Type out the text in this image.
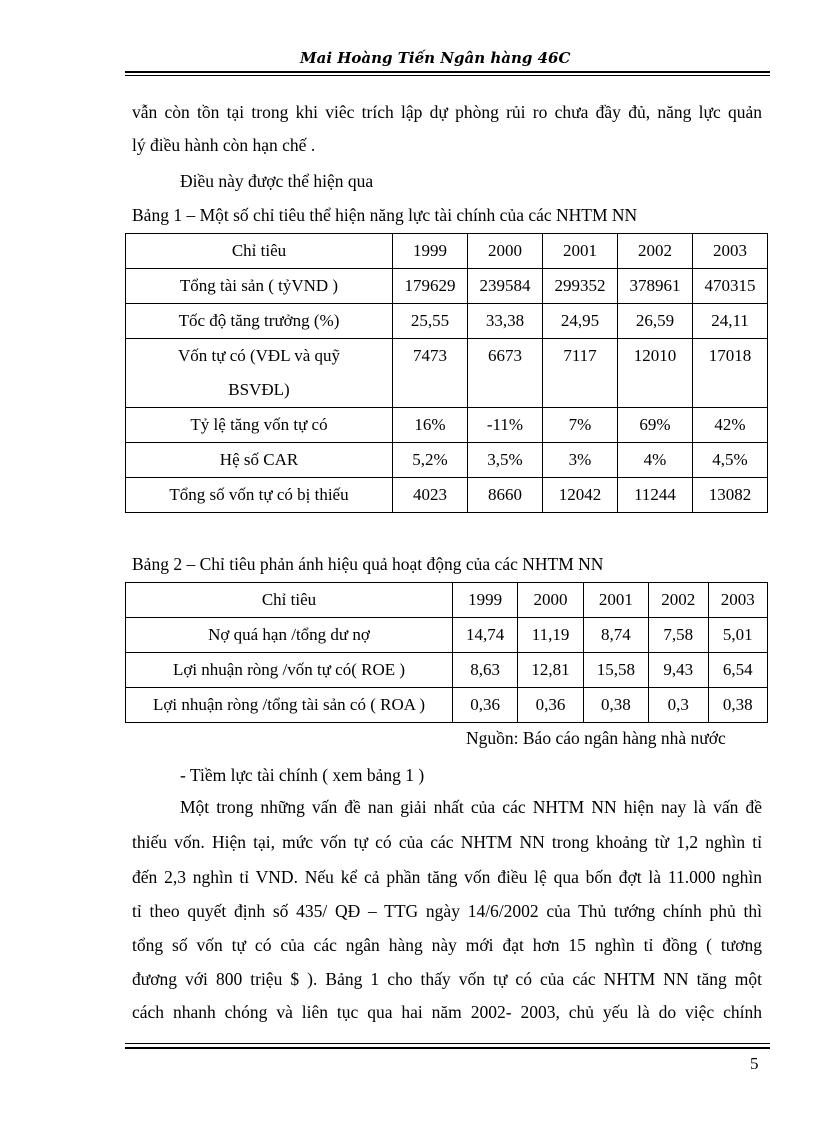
Mai Hoàng Tiến Ngân hàng 46C
vẫn còn tồn tại trong khi viêc trích lập dự phòng rủi ro chưa đầy đủ, năng lực quản
lý điều hành còn hạn chế .
Điều này được thể hiện qua
Bảng 1 – Một số chỉ tiêu thể hiện năng lực tài chính của các NHTM NN
Chỉ tiêu	1999	2000	2001	2002	2003
Tổng tài sản ( tỷVND )	179629	239584	299352	378961	470315
Tốc độ tăng trưởng (%)	25,55	33,38	24,95	26,59	24,11

Vốn tự có (VĐL và quỹ
BSVĐL)	7473	6673	7117	12010	17018
Tỷ lệ tăng vốn tự có	16%	-11%	7%	69%	42%
Hệ số CAR	5,2%	3,5%	3%	4%	4,5%
Tổng số vốn tự có bị thiếu	4023	8660	12042	11244	13082
Bảng 2 – Chỉ tiêu phản ánh hiệu quả hoạt động của các NHTM NN
Chỉ tiêu	1999	2000	2001	2002	2003
Nợ quá hạn /tổng dư nợ	14,74	11,19	8,74	7,58	5,01
Lợi nhuận ròng /vốn tự có( ROE )	8,63	12,81	15,58	9,43	6,54
Lợi nhuận ròng /tổng tài sản có ( ROA )	0,36	0,36	0,38	0,3	0,38
Nguồn: Báo cáo ngân hàng nhà nước
- Tiềm lực tài chính ( xem bảng 1 )
Một trong những vấn đề nan giải nhất của các NHTM NN hiện nay là vấn đề
thiếu vốn. Hiện tại, mức vốn tự có của các NHTM NN trong khoảng từ 1,2 nghìn tỉ
đến 2,3 nghìn tỉ VND. Nếu kể cả phần tăng vốn điều lệ qua bốn đợt là 11.000 nghìn
tỉ theo quyết định số 435/ QĐ – TTG ngày 14/6/2002 của Thủ tướng chính phủ thì
tổng số vốn tự có của các ngân hàng này mới đạt hơn 15 nghìn tỉ đồng ( tương
đương với 800 triệu $ ). Bảng 1 cho thấy vốn tự có của các NHTM NN tăng một
cách nhanh chóng và liên tục qua hai năm 2002- 2003, chủ yếu là do việc chính
5
